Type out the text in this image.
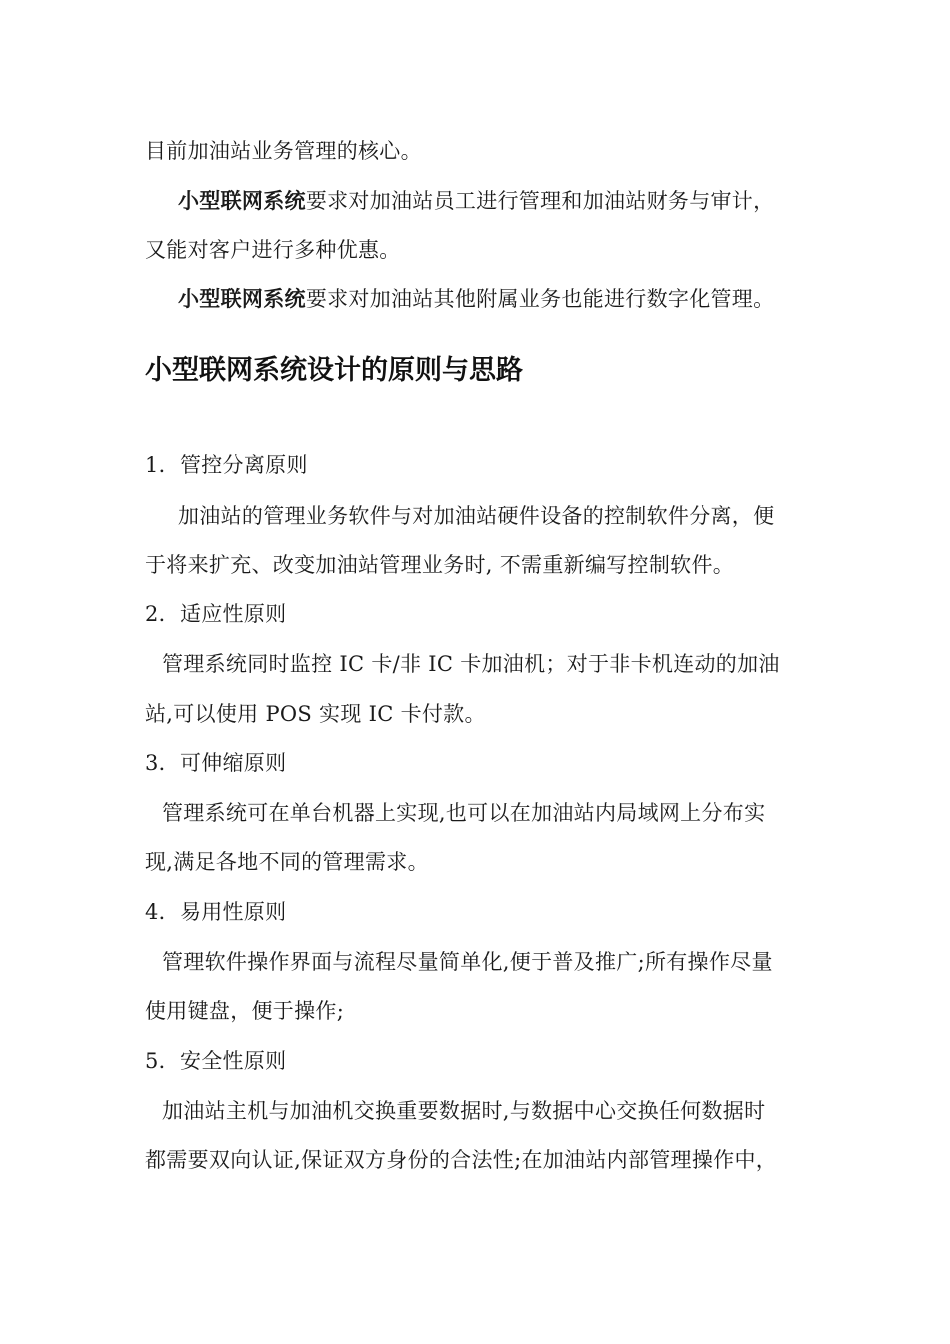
目前加油站业务管理的核心。
小型联网系统要求对加油站员工进行管理和加油站财务与审计，
又能对客户进行多种优惠。
小型联网系统要求对加油站其他附属业务也能进行数字化管理。
小型联网系统设计的原则与思路
1．管控分离原则
加油站的管理业务软件与对加油站硬件设备的控制软件分离，便
于将来扩充、改变加油站管理业务时, 不需重新编写控制软件。
2．适应性原则
管理系统同时监控 IC 卡/非 IC 卡加油机；对于非卡机连动的加油
站,可以使用 POS 实现 IC 卡付款。
3．可伸缩原则
管理系统可在单台机器上实现,也可以在加油站内局域网上分布实
现,满足各地不同的管理需求。
4．易用性原则
管理软件操作界面与流程尽量简单化,便于普及推广;所有操作尽量
使用键盘，便于操作;
5．安全性原则
加油站主机与加油机交换重要数据时,与数据中心交换任何数据时
都需要双向认证,保证双方身份的合法性;在加油站内部管理操作中，
